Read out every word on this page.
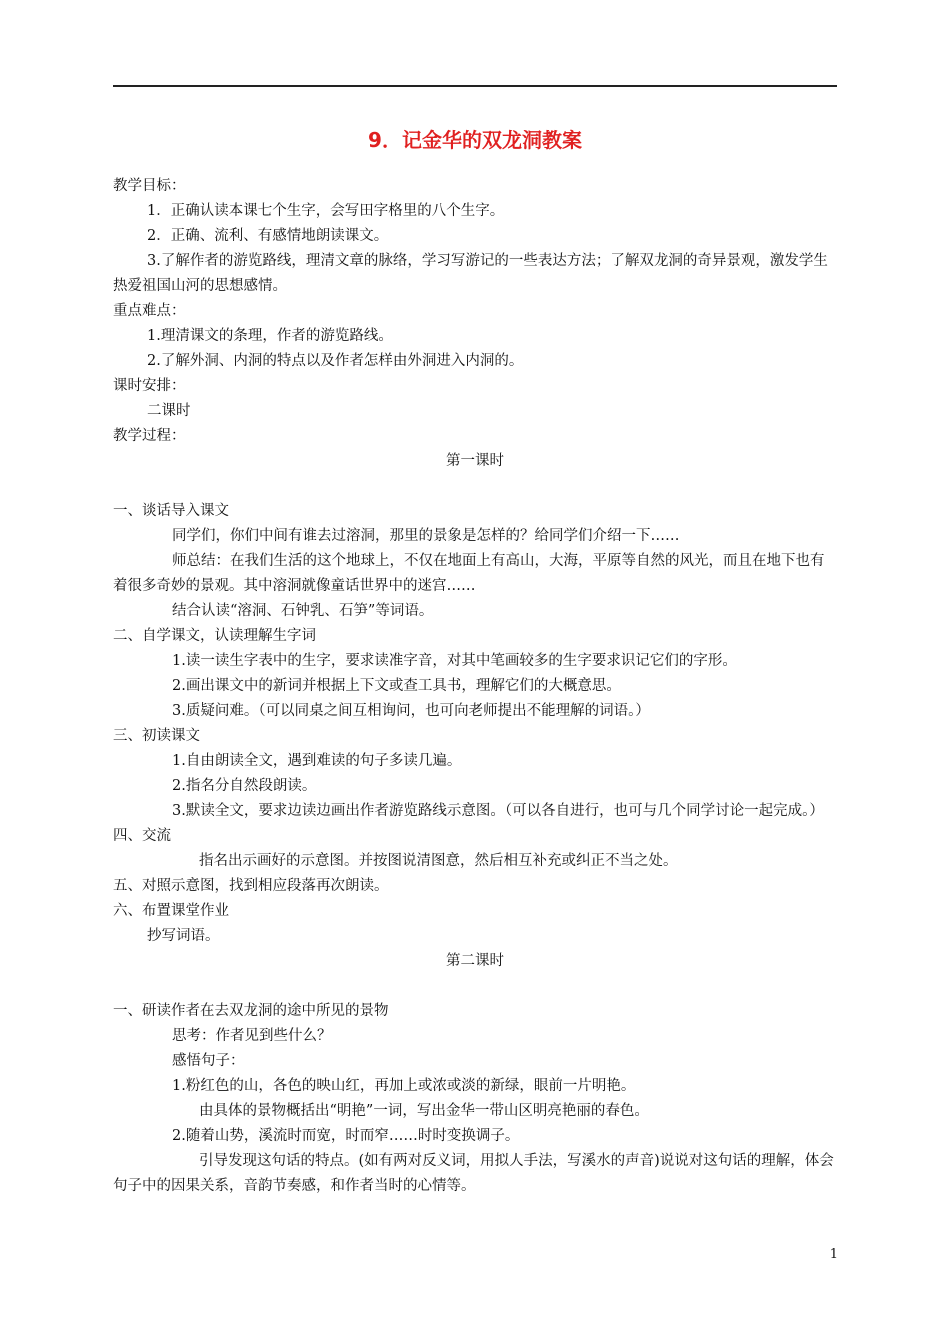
9．记金华的双龙洞教案

教学目标：

1．正确认读本课七个生字，会写田字格里的八个生字。

2．正确、流利、有感情地朗读课文。

3.了解作者的游览路线，理清文章的脉络，学习写游记的一些表达方法；了解双龙洞的奇异景观，激发学生热爱祖国山河的思想感情。

重点难点：

1.理清课文的条理，作者的游览路线。

2.了解外洞、内洞的特点以及作者怎样由外洞进入内洞的。

课时安排：

二课时

教学过程：

第一课时

一、谈话导入课文

同学们，你们中间有谁去过溶洞，那里的景象是怎样的？给同学们介绍一下……

师总结：在我们生活的这个地球上，不仅在地面上有高山，大海，平原等自然的风光，而且在地下也有着很多奇妙的景观。其中溶洞就像童话世界中的迷宫……

结合认读“溶洞、石钟乳、石笋”等词语。

二、自学课文，认读理解生字词

1.读一读生字表中的生字，要求读准字音，对其中笔画较多的生字要求识记它们的字形。

2.画出课文中的新词并根据上下文或查工具书，理解它们的大概意思。

3.质疑问难。（可以同桌之间互相询问，也可向老师提出不能理解的词语。）

三、初读课文

1.自由朗读全文，遇到难读的句子多读几遍。

2.指名分自然段朗读。

3.默读全文，要求边读边画出作者游览路线示意图。（可以各自进行，也可与几个同学讨论一起完成。）

四、交流

指名出示画好的示意图。并按图说清图意，然后相互补充或纠正不当之处。

五、对照示意图，找到相应段落再次朗读。

六、布置课堂作业

抄写词语。

第二课时

一、研读作者在去双龙洞的途中所见的景物

思考：作者见到些什么？

感悟句子：

1.粉红色的山，各色的映山红，再加上或浓或淡的新绿，眼前一片明艳。

由具体的景物概括出“明艳”一词，写出金华一带山区明亮艳丽的春色。

2.随着山势，溪流时而宽，时而窄……时时变换调子。

引导发现这句话的特点。(如有两对反义词，用拟人手法，写溪水的声音)说说对这句话的理解，体会句子中的因果关系，音韵节奏感，和作者当时的心情等。

1
